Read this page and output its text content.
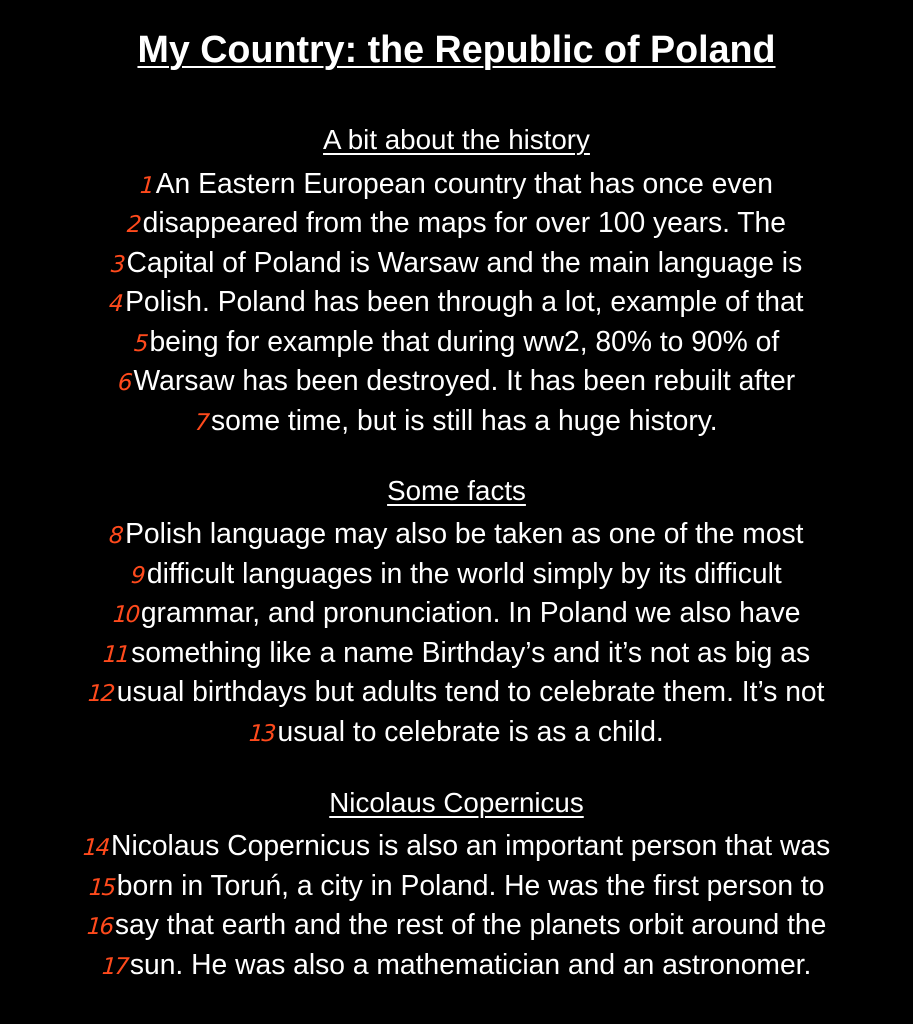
My Country: the Republic of Poland
A bit about the history
1An Eastern European country that has once even
2disappeared from the maps for over 100 years. The
3Capital of Poland is Warsaw and the main language is
4Polish. Poland has been through a lot, example of that
5being for example that during ww2, 80% to 90% of
6Warsaw has been destroyed. It has been rebuilt after
7some time, but is still has a huge history.
Some facts
8Polish language may also be taken as one of the most
9difficult languages in the world simply by its difficult
10grammar, and pronunciation. In Poland we also have
11something like a name Birthday’s and it’s not as big as
12usual birthdays but adults tend to celebrate them. It’s not
13usual to celebrate is as a child.
Nicolaus Copernicus
14Nicolaus Copernicus is also an important person that was
15born in Toruń, a city in Poland. He was the first person to
16say that earth and the rest of the planets orbit around the
17sun. He was also a mathematician and an astronomer.
